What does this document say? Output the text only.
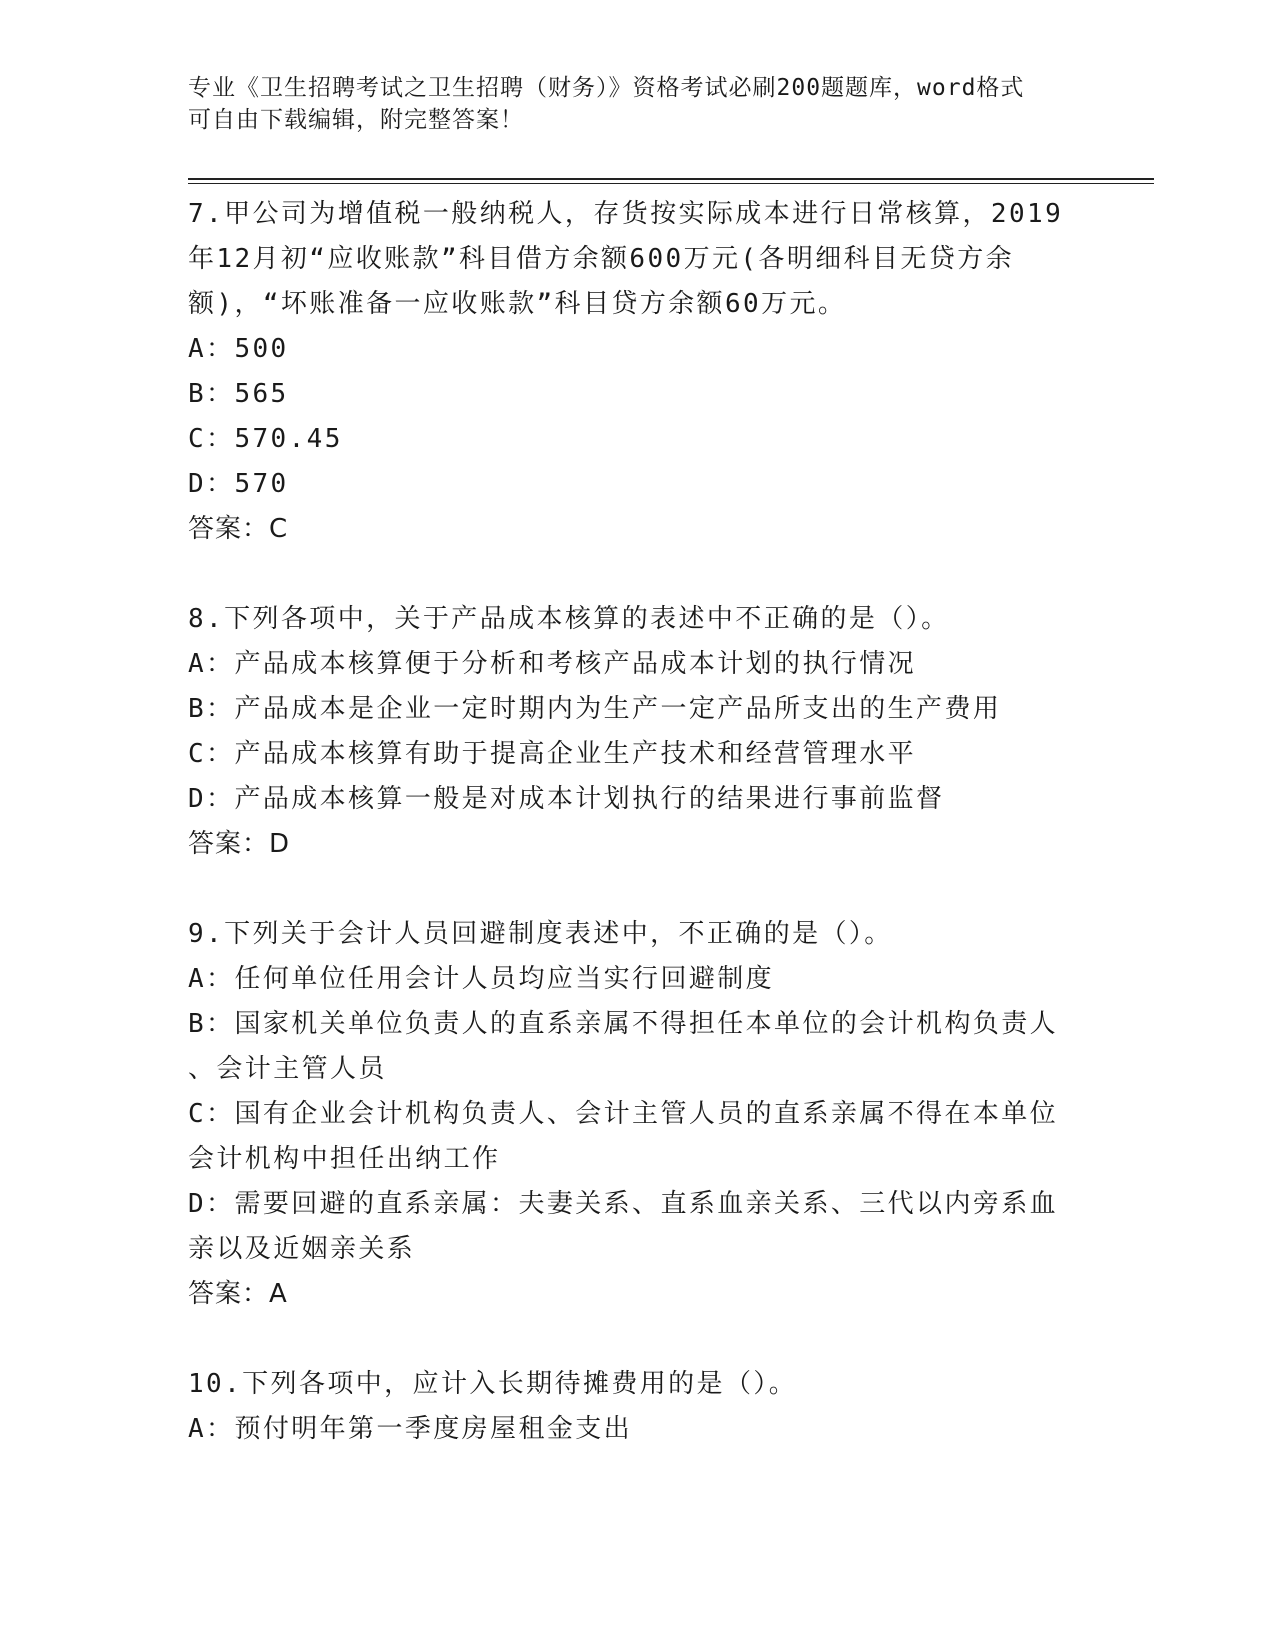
专业《卫生招聘考试之卫生招聘（财务）》资格考试必刷200题题库，word格式
可自由下载编辑，附完整答案！
7.甲公司为增值税一般纳税人，存货按实际成本进行日常核算，2019
年12月初“应收账款”科目借方余额600万元(各明细科目无贷方余
额)，“坏账准备一应收账款”科目贷方余额60万元。
A：500
B：565
C：570.45
D：570
答案：C
8.下列各项中，关于产品成本核算的表述中不正确的是（）。
A：产品成本核算便于分析和考核产品成本计划的执行情况
B：产品成本是企业一定时期内为生产一定产品所支出的生产费用
C：产品成本核算有助于提高企业生产技术和经营管理水平
D：产品成本核算一般是对成本计划执行的结果进行事前监督
答案：D
9.下列关于会计人员回避制度表述中，不正确的是（）。
A：任何单位任用会计人员均应当实行回避制度
B：国家机关单位负责人的直系亲属不得担任本单位的会计机构负责人
、会计主管人员
C：国有企业会计机构负责人、会计主管人员的直系亲属不得在本单位
会计机构中担任出纳工作
D：需要回避的直系亲属：夫妻关系、直系血亲关系、三代以内旁系血
亲以及近姻亲关系
答案：A
10.下列各项中，应计入长期待摊费用的是（）。
A：预付明年第一季度房屋租金支出
